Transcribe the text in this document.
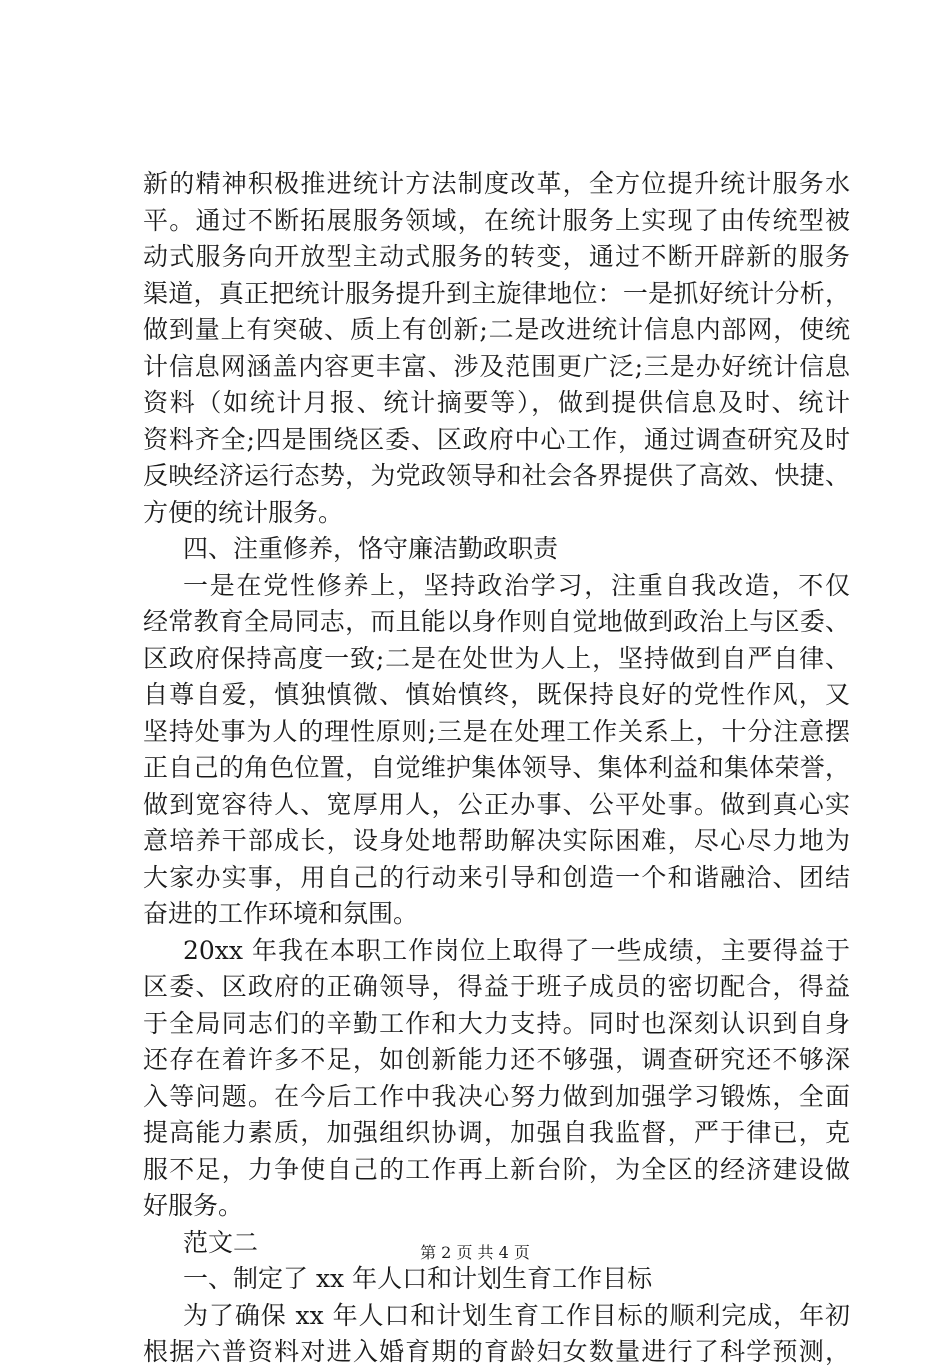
新的精神积极推进统计方法制度改革，全方位提升统计服务水
平。通过不断拓展服务领域，在统计服务上实现了由传统型被
动式服务向开放型主动式服务的转变，通过不断开辟新的服务
渠道，真正把统计服务提升到主旋律地位：一是抓好统计分析，
做到量上有突破、质上有创新;二是改进统计信息内部网，使统
计信息网涵盖内容更丰富、涉及范围更广泛;三是办好统计信息
资料（如统计月报、统计摘要等），做到提供信息及时、统计
资料齐全;四是围绕区委、区政府中心工作，通过调查研究及时
反映经济运行态势，为党政领导和社会各界提供了高效、快捷、
方便的统计服务。
四、注重修养，恪守廉洁勤政职责
一是在党性修养上，坚持政治学习，注重自我改造，不仅
经常教育全局同志，而且能以身作则自觉地做到政治上与区委、
区政府保持高度一致;二是在处世为人上，坚持做到自严自律、
自尊自爱，慎独慎微、慎始慎终，既保持良好的党性作风，又
坚持处事为人的理性原则;三是在处理工作关系上，十分注意摆
正自己的角色位置，自觉维护集体领导、集体利益和集体荣誉，
做到宽容待人、宽厚用人，公正办事、公平处事。做到真心实
意培养干部成长，设身处地帮助解决实际困难，尽心尽力地为
大家办实事，用自己的行动来引导和创造一个和谐融洽、团结
奋进的工作环境和氛围。
20xx 年我在本职工作岗位上取得了一些成绩，主要得益于
区委、区政府的正确领导，得益于班子成员的密切配合，得益
于全局同志们的辛勤工作和大力支持。同时也深刻认识到自身
还存在着许多不足，如创新能力还不够强，调查研究还不够深
入等问题。在今后工作中我决心努力做到加强学习锻炼，全面
提高能力素质，加强组织协调，加强自我监督，严于律已，克
服不足，力争使自己的工作再上新台阶，为全区的经济建设做
好服务。
范文二
一、制定了 xx 年人口和计划生育工作目标
为了确保 xx 年人口和计划生育工作目标的顺利完成，年初
根据六普资料对进入婚育期的育龄妇女数量进行了科学预测，
第 2 页 共 4 页
